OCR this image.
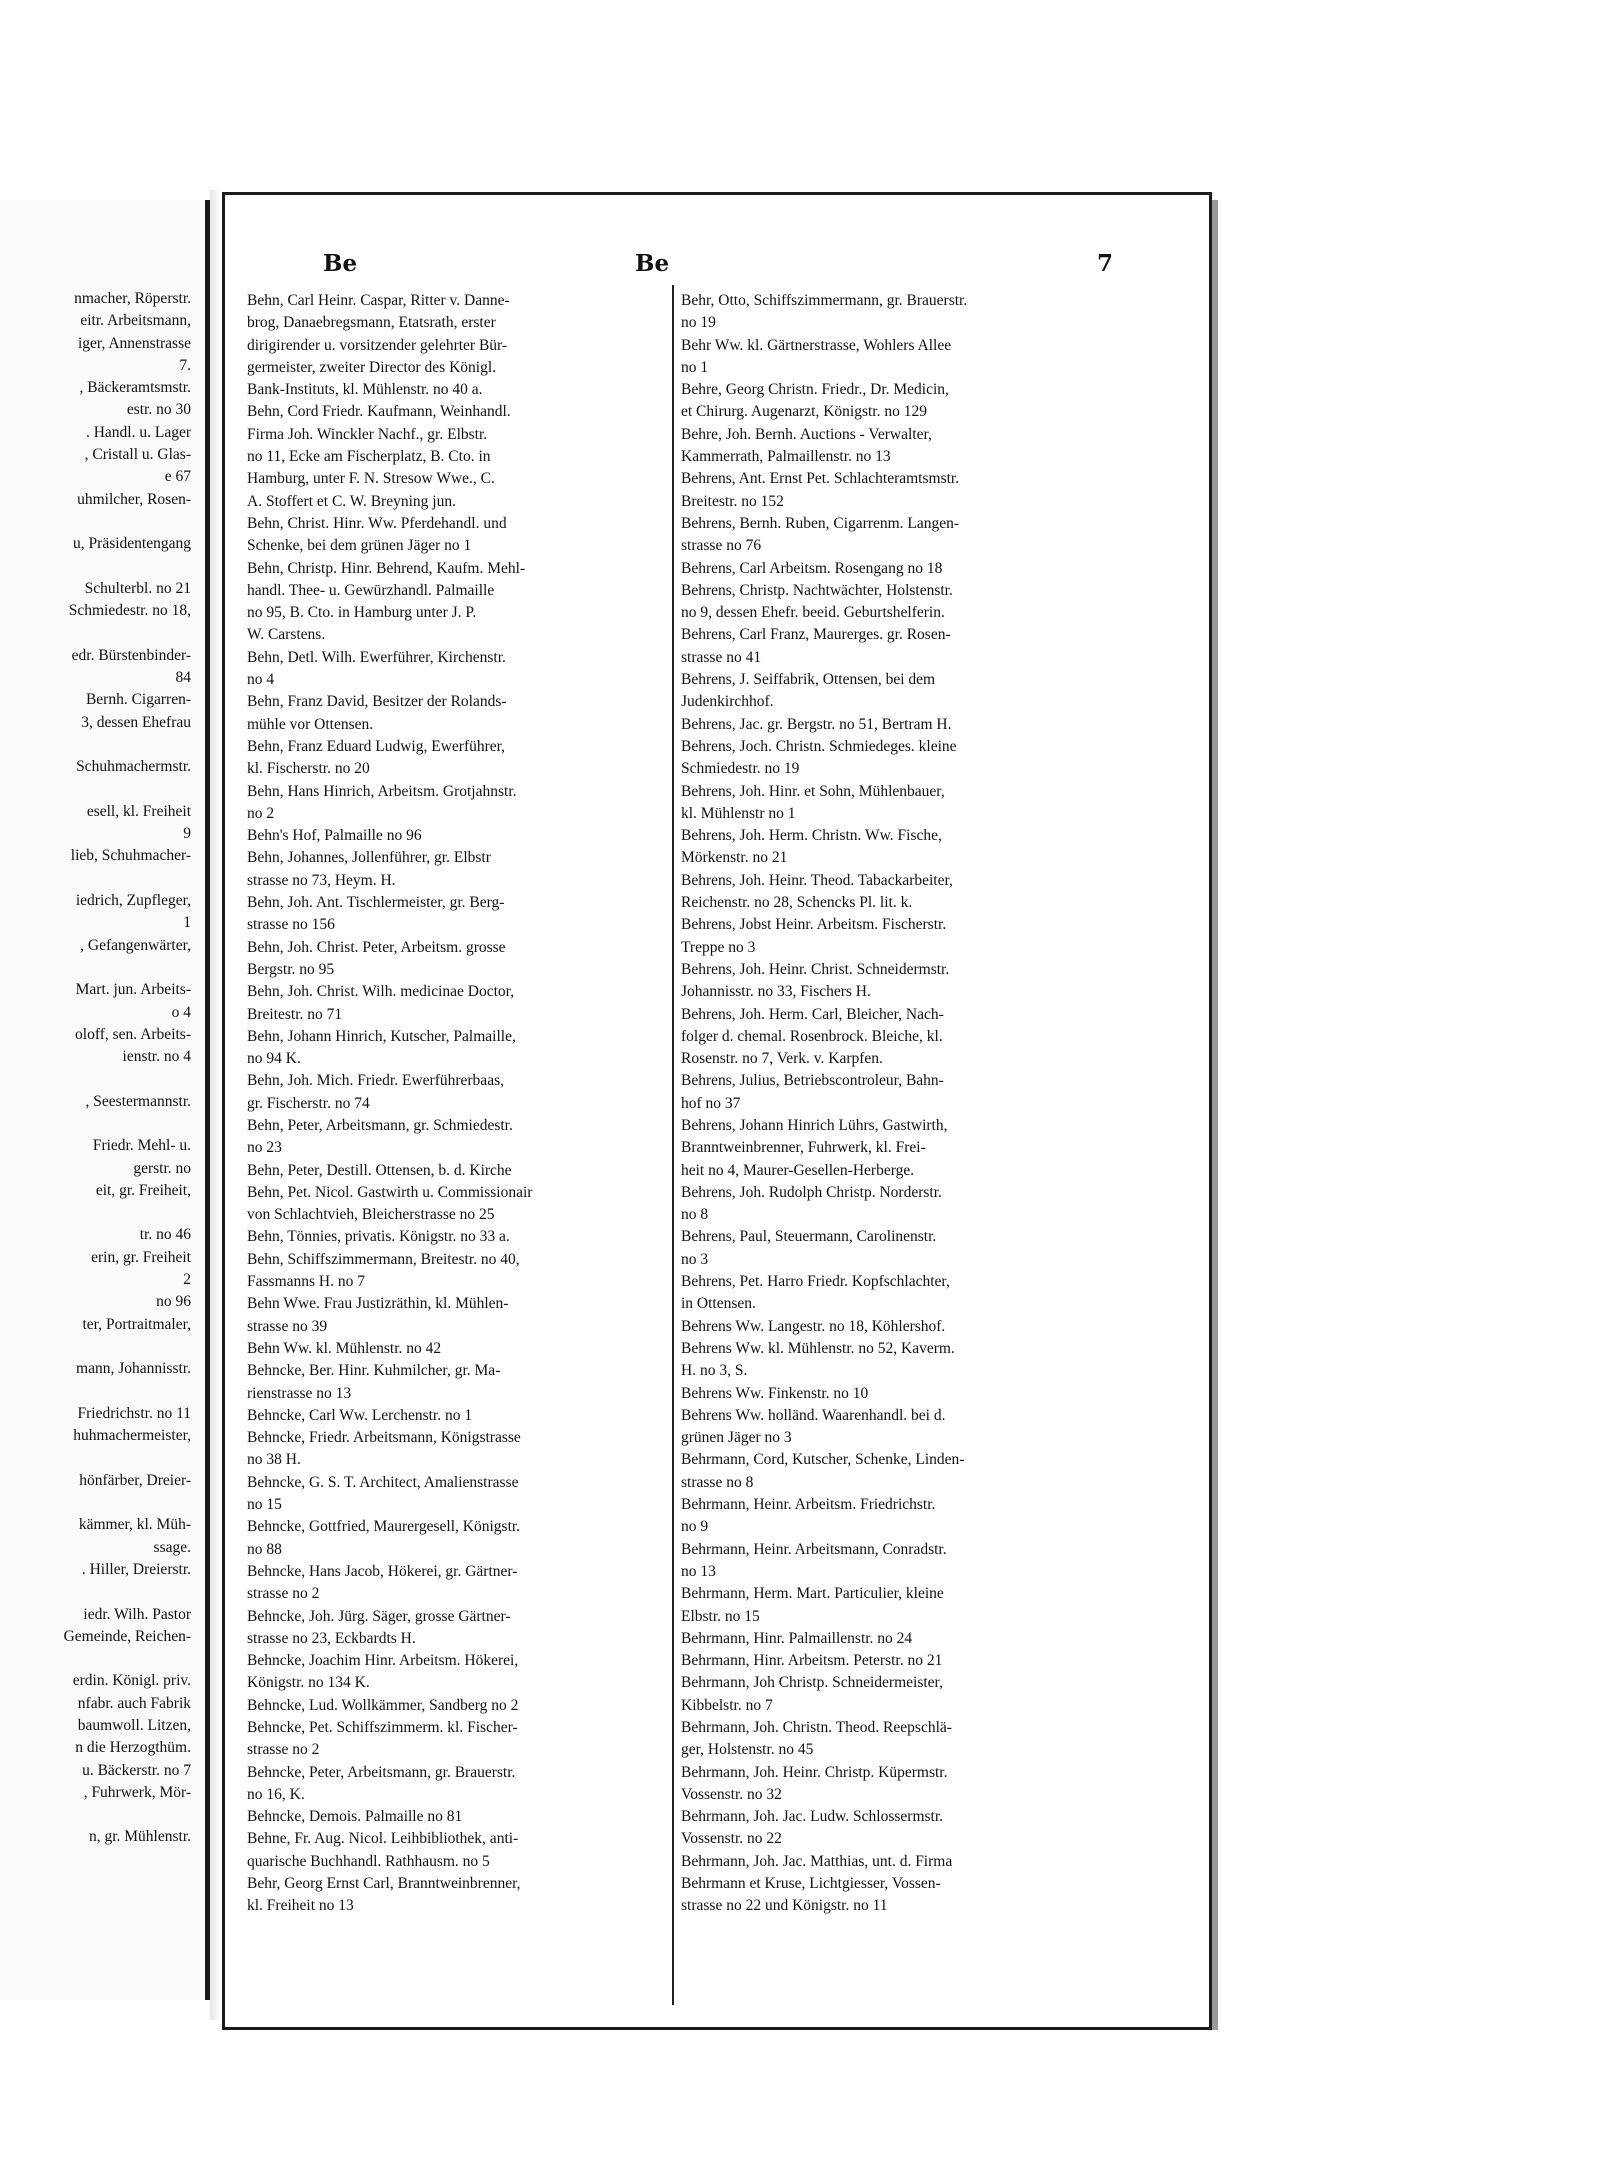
nmacher, Röperstr.
eitr. Arbeitsmann,
iger, Annenstrasse
7.
, Bäckeramtsmstr.
estr. no 30
. Handl. u. Lager
, Cristall u. Glas-
e 67
uhmilcher, Rosen-

u, Präsidentengang

Schulterbl. no 21
Schmiedestr. no 18,

edr. Bürstenbinder-
84
Bernh. Cigarren-
3, dessen Ehefrau

Schuhmachermstr.

esell, kl. Freiheit
9
lieb, Schuhmacher-

iedrich, Zupfleger,
1
, Gefangenwärter,

Mart. jun. Arbeits-
o 4
oloff, sen. Arbeits-
ienstr. no 4

, Seestermannstr.

Friedr. Mehl- u.
gerstr. no
eit, gr. Freiheit,

tr. no 46
erin, gr. Freiheit
2
no 96
ter, Portraitmaler,

mann, Johannisstr.

Friedrichstr. no 11
huhmachermeister,

hönfärber, Dreier-

kämmer, kl. Müh-
ssage.
. Hiller, Dreierstr.

iedr. Wilh. Pastor
Gemeinde, Reichen-

erdin. Königl. priv.
nfabr. auch Fabrik
baumwoll. Litzen,
n die Herzogthüm.
u. Bäckerstr. no 7
, Fuhrwerk, Mör-

n, gr. Mühlenstr.

Be	Be	7
Behn, Carl Heinr. Caspar, Ritter v. Danne-
brog, Danaebregsmann, Etatsrath, erster
dirigirender u. vorsitzender gelehrter Bür-
germeister, zweiter Director des Königl.
Bank-Instituts, kl. Mühlenstr. no 40 a.
Behn, Cord Friedr. Kaufmann, Weinhandl.
Firma Joh. Winckler Nachf., gr. Elbstr.
no 11, Ecke am Fischerplatz, B. Cto. in
Hamburg, unter F. N. Stresow Wwe., C.
A. Stoffert et C. W. Breyning jun.
Behn, Christ. Hinr. Ww. Pferdehandl. und
Schenke, bei dem grünen Jäger no 1
Behn, Christp. Hinr. Behrend, Kaufm. Mehl-
handl. Thee- u. Gewürzhandl. Palmaille
no 95, B. Cto. in Hamburg unter J. P.
W. Carstens.
Behn, Detl. Wilh. Ewerführer, Kirchenstr.
no 4
Behn, Franz David, Besitzer der Rolands-
mühle vor Ottensen.
Behn, Franz Eduard Ludwig, Ewerführer,
kl. Fischerstr. no 20
Behn, Hans Hinrich, Arbeitsm. Grotjahnstr.
no 2
Behn's Hof, Palmaille no 96
Behn, Johannes, Jollenführer, gr. Elbstr
strasse no 73, Heym. H.
Behn, Joh. Ant. Tischlermeister, gr. Berg-
strasse no 156
Behn, Joh. Christ. Peter, Arbeitsm. grosse
Bergstr. no 95
Behn, Joh. Christ. Wilh. medicinae Doctor,
Breitestr. no 71
Behn, Johann Hinrich, Kutscher, Palmaille,
no 94 K.
Behn, Joh. Mich. Friedr. Ewerführerbaas,
gr. Fischerstr. no 74
Behn, Peter, Arbeitsmann, gr. Schmiedestr.
no 23
Behn, Peter, Destill. Ottensen, b. d. Kirche
Behn, Pet. Nicol. Gastwirth u. Commissionair
von Schlachtvieh, Bleicherstrasse no 25
Behn, Tönnies, privatis. Königstr. no 33 a.
Behn, Schiffszimmermann, Breitestr. no 40,
Fassmanns H. no 7
Behn Wwe. Frau Justizräthin, kl. Mühlen-
strasse no 39
Behn Ww. kl. Mühlenstr. no 42
Behncke, Ber. Hinr. Kuhmilcher, gr. Ma-
rienstrasse no 13
Behncke, Carl Ww. Lerchenstr. no 1
Behncke, Friedr. Arbeitsmann, Königstrasse
no 38 H.
Behncke, G. S. T. Architect, Amalienstrasse
no 15
Behncke, Gottfried, Maurergesell, Königstr.
no 88
Behncke, Hans Jacob, Hökerei, gr. Gärtner-
strasse no 2
Behncke, Joh. Jürg. Säger, grosse Gärtner-
strasse no 23, Eckbardts H.
Behncke, Joachim Hinr. Arbeitsm. Hökerei,
Königstr. no 134 K.
Behncke, Lud. Wollkämmer, Sandberg no 2
Behncke, Pet. Schiffszimmerm. kl. Fischer-
strasse no 2
Behncke, Peter, Arbeitsmann, gr. Brauerstr.
no 16, K.
Behncke, Demois. Palmaille no 81
Behne, Fr. Aug. Nicol. Leihbibliothek, anti-
quarische Buchhandl. Rathhausm. no 5
Behr, Georg Ernst Carl, Branntweinbrenner,
kl. Freiheit no 13
Behr, Otto, Schiffszimmermann, gr. Brauerstr.
no 19
Behr Ww. kl. Gärtnerstrasse, Wohlers Allee
no 1
Behre, Georg Christn. Friedr., Dr. Medicin,
et Chirurg. Augenarzt, Königstr. no 129
Behre, Joh. Bernh. Auctions - Verwalter,
Kammerrath, Palmaillenstr. no 13
Behrens, Ant. Ernst Pet. Schlachteramtsmstr.
Breitestr. no 152
Behrens, Bernh. Ruben, Cigarrenm. Langen-
strasse no 76
Behrens, Carl Arbeitsm. Rosengang no 18
Behrens, Christp. Nachtwächter, Holstenstr.
no 9, dessen Ehefr. beeid. Geburtshelferin.
Behrens, Carl Franz, Maurerges. gr. Rosen-
strasse no 41
Behrens, J. Seiffabrik, Ottensen, bei dem
Judenkirchhof.
Behrens, Jac. gr. Bergstr. no 51, Bertram H.
Behrens, Joch. Christn. Schmiedeges. kleine
Schmiedestr. no 19
Behrens, Joh. Hinr. et Sohn, Mühlenbauer,
kl. Mühlenstr no 1
Behrens, Joh. Herm. Christn. Ww. Fische,
Mörkenstr. no 21
Behrens, Joh. Heinr. Theod. Tabackarbeiter,
Reichenstr. no 28, Schencks Pl. lit. k.
Behrens, Jobst Heinr. Arbeitsm. Fischerstr.
Treppe no 3
Behrens, Joh. Heinr. Christ. Schneidermstr.
Johannisstr. no 33, Fischers H.
Behrens, Joh. Herm. Carl, Bleicher, Nach-
folger d. chemal. Rosenbrock. Bleiche, kl.
Rosenstr. no 7, Verk. v. Karpfen.
Behrens, Julius, Betriebscontroleur, Bahn-
hof no 37
Behrens, Johann Hinrich Lührs, Gastwirth,
Branntweinbrenner, Fuhrwerk, kl. Frei-
heit no 4, Maurer-Gesellen-Herberge.
Behrens, Joh. Rudolph Christp. Norderstr.
no 8
Behrens, Paul, Steuermann, Carolinenstr.
no 3
Behrens, Pet. Harro Friedr. Kopfschlachter,
in Ottensen.
Behrens Ww. Langestr. no 18, Köhlershof.
Behrens Ww. kl. Mühlenstr. no 52, Kaverm.
H. no 3, S.
Behrens Ww. Finkenstr. no 10
Behrens Ww. holländ. Waarenhandl. bei d.
grünen Jäger no 3
Behrmann, Cord, Kutscher, Schenke, Linden-
strasse no 8
Behrmann, Heinr. Arbeitsm. Friedrichstr.
no 9
Behrmann, Heinr. Arbeitsmann, Conradstr.
no 13
Behrmann, Herm. Mart. Particulier, kleine
Elbstr. no 15
Behrmann, Hinr. Palmaillenstr. no 24
Behrmann, Hinr. Arbeitsm. Peterstr. no 21
Behrmann, Joh Christp. Schneidermeister,
Kibbelstr. no 7
Behrmann, Joh. Christn. Theod. Reepschlä-
ger, Holstenstr. no 45
Behrmann, Joh. Heinr. Christp. Küpermstr.
Vossenstr. no 32
Behrmann, Joh. Jac. Ludw. Schlossermstr.
Vossenstr. no 22
Behrmann, Joh. Jac. Matthias, unt. d. Firma
Behrmann et Kruse, Lichtgiesser, Vossen-
strasse no 22 und Königstr. no 11
